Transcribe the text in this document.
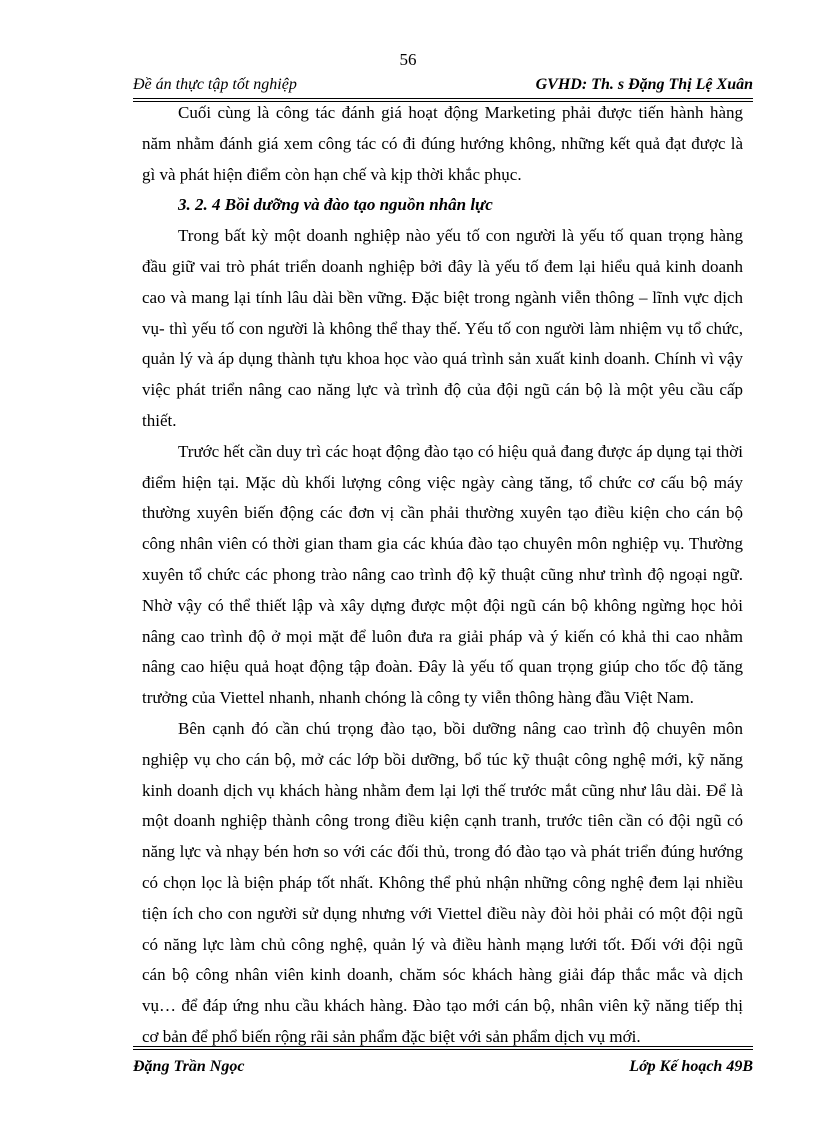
56
Đề án thực tập tốt nghiệp	GVHD: Th. s Đặng Thị Lệ Xuân

Cuối cùng là công tác đánh giá hoạt động Marketing phải được tiến hành hàng năm nhằm đánh giá xem công tác có đi đúng hướng không, những kết quả đạt được là gì và phát hiện điểm còn hạn chế và kịp thời khắc phục.

3. 2. 4 Bồi dưỡng và đào tạo nguồn nhân lực

Trong bất kỳ một doanh nghiệp nào yếu tố con người là yếu tố quan trọng hàng đầu giữ vai trò phát triển doanh nghiệp bởi đây là yếu tố đem lại hiểu quả kinh doanh cao và mang lại tính lâu dài bền vững. Đặc biệt trong ngành viễn thông – lĩnh vực dịch vụ- thì yếu tố con người là không thể thay thế. Yếu tố con người làm nhiệm vụ tổ chức, quản lý và áp dụng thành tựu khoa học vào quá trình sản xuất kinh doanh. Chính vì vậy việc phát triển nâng cao năng lực và trình độ của đội ngũ cán bộ là một yêu cầu cấp thiết.

Trước hết cần duy trì các hoạt động đào tạo có hiệu quả đang được áp dụng tại thời điểm hiện tại. Mặc dù khối lượng công việc ngày càng tăng, tổ chức cơ cấu bộ máy thường xuyên biến động các đơn vị cần phải thường xuyên tạo điều kiện cho cán bộ công nhân viên có thời gian tham gia các khúa đào tạo chuyên môn nghiệp vụ. Thường xuyên tổ chức các phong trào nâng cao trình độ kỹ thuật cũng như trình độ ngoại ngữ. Nhờ vậy có thể thiết lập và xây dựng được một đội ngũ cán bộ không ngừng học hỏi nâng cao trình độ ở mọi mặt để luôn đưa ra giải pháp và ý kiến có khả thi cao nhằm nâng cao hiệu quả hoạt động tập đoàn. Đây là yếu tố quan trọng giúp cho tốc độ tăng trưởng của Viettel nhanh, nhanh chóng là công ty viễn thông hàng đầu Việt Nam.

Bên cạnh đó cần chú trọng đào tạo, bồi dưỡng nâng cao trình độ chuyên môn nghiệp vụ cho cán bộ, mở các lớp bồi dưỡng, bổ túc kỹ thuật công nghệ mới, kỹ năng kinh doanh dịch vụ khách hàng nhằm đem lại lợi thế trước mắt cũng như lâu dài. Để là một doanh nghiệp thành công trong điều kiện cạnh tranh, trước tiên cần có đội ngũ có năng lực và nhạy bén hơn so với các đối thủ, trong đó đào tạo và phát triển đúng hướng có chọn lọc là biện pháp tốt nhất. Không thể phủ nhận những công nghệ đem lại nhiều tiện ích cho con người sử dụng nhưng với Viettel điều này đòi hỏi phải có một đội ngũ có năng lực làm chủ công nghệ, quản lý và điều hành mạng lưới tốt. Đối với đội ngũ cán bộ công nhân viên kinh doanh, chăm sóc khách hàng giải đáp thắc mắc và dịch vụ… để đáp ứng nhu cầu khách hàng. Đào tạo mới cán bộ, nhân viên kỹ năng tiếp thị cơ bản để phổ biến rộng rãi sản phẩm đặc biệt với sản phẩm dịch vụ mới.

Đặng Trần Ngọc	Lớp Kế hoạch 49B
